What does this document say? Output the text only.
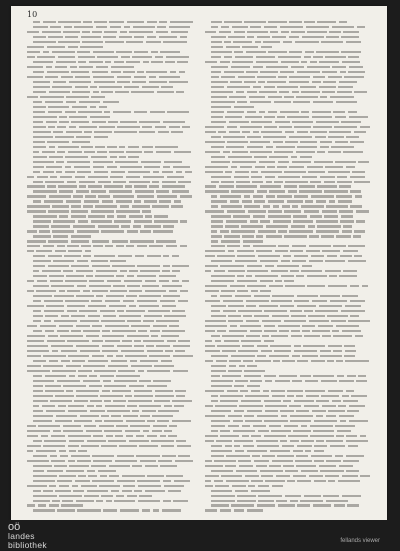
10
oö
landes
bibliothek	fellands viewer
